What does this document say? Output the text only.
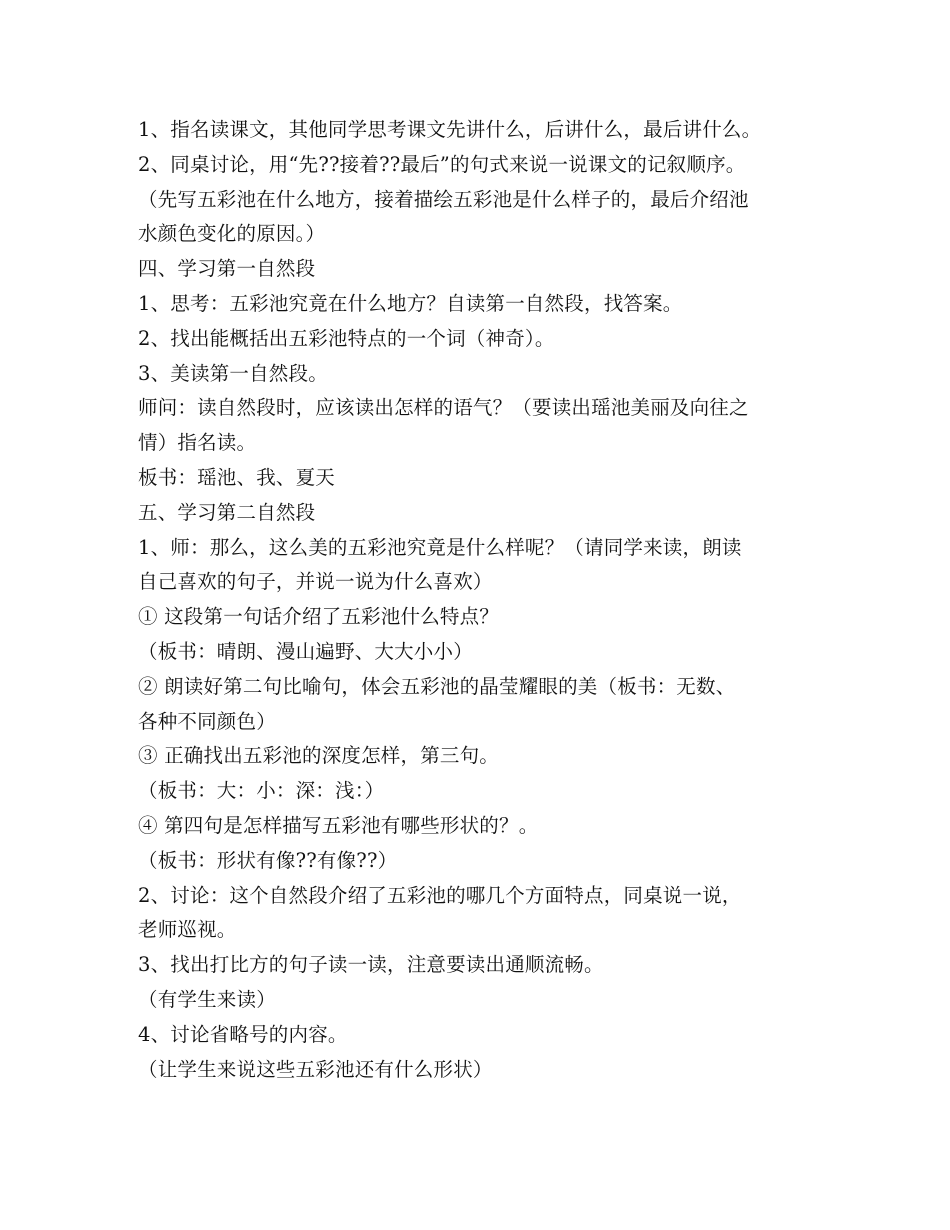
1、指名读课文，其他同学思考课文先讲什么，后讲什么，最后讲什么。
2、同桌讨论，用“先??接着??最后”的句式来说一说课文的记叙顺序。
（先写五彩池在什么地方，接着描绘五彩池是什么样子的，最后介绍池
水颜色变化的原因。）
四、学习第一自然段
1、思考：五彩池究竟在什么地方？自读第一自然段，找答案。
2、找出能概括出五彩池特点的一个词（神奇）。
3、美读第一自然段。
师问：读自然段时，应该读出怎样的语气？（要读出瑶池美丽及向往之
情）指名读。
板书：瑶池、我、夏天
五、学习第二自然段
1、师：那么，这么美的五彩池究竟是什么样呢？（请同学来读，朗读
自己喜欢的句子，并说一说为什么喜欢）
① 这段第一句话介绍了五彩池什么特点？
（板书：晴朗、漫山遍野、大大小小）
② 朗读好第二句比喻句，体会五彩池的晶莹耀眼的美（板书：无数、
各种不同颜色）
③ 正确找出五彩池的深度怎样，第三句。
（板书：大：小：深：浅：）
④ 第四句是怎样描写五彩池有哪些形状的？。
（板书：形状有像??有像??）
2、讨论：这个自然段介绍了五彩池的哪几个方面特点，同桌说一说，
老师巡视。
3、找出打比方的句子读一读，注意要读出通顺流畅。
（有学生来读）
4、讨论省略号的内容。
（让学生来说这些五彩池还有什么形状）
